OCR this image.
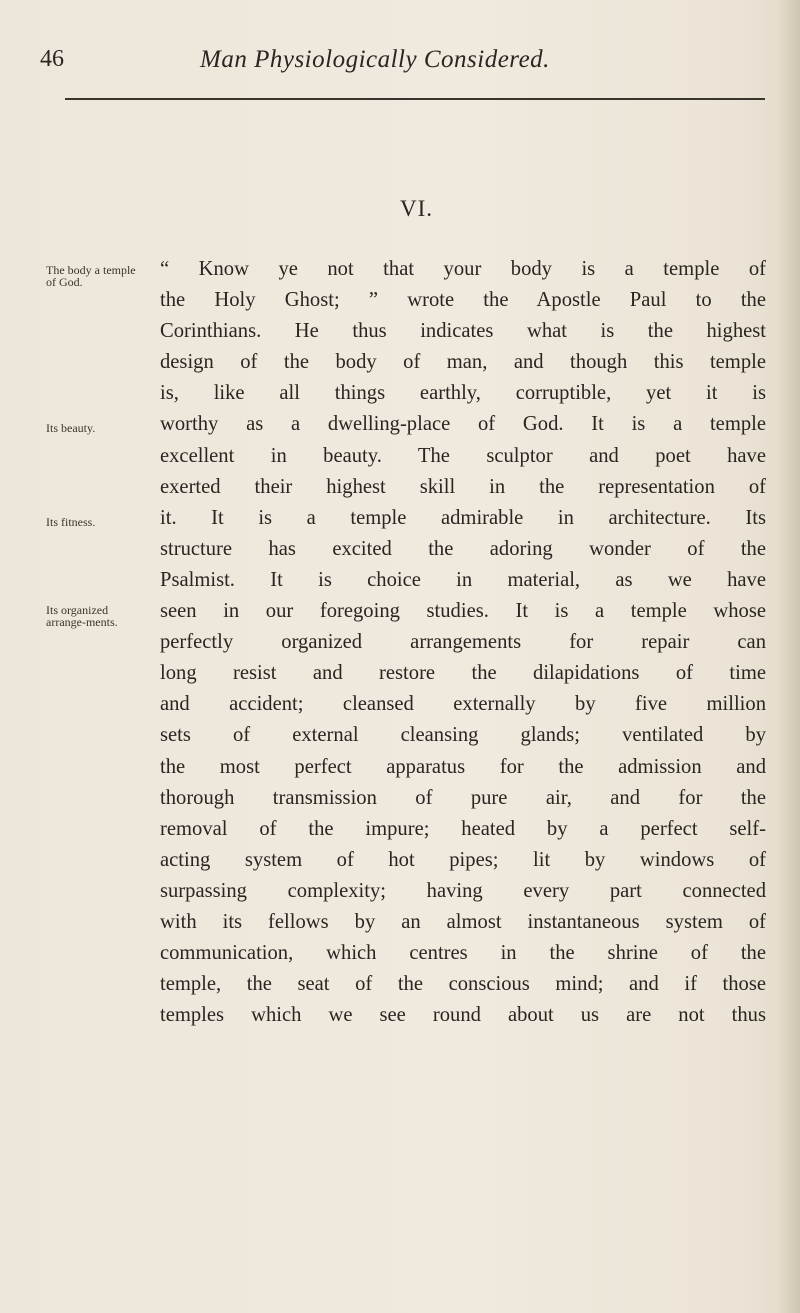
46	Man Physiologically Considered.
VI.
The body a temple of God.
Its beauty.
Its fitness.
Its organized arrange-ments.
“ Know ye not that your body is a temple of
the Holy Ghost; ” wrote the Apostle Paul to the
Corinthians. He thus indicates what is the highest
design of the body of man, and though this temple
is, like all things earthly, corruptible, yet it is
worthy as a dwelling-place of God. It is a temple
excellent in beauty. The sculptor and poet have
exerted their highest skill in the representation of
it. It is a temple admirable in architecture. Its
structure has excited the adoring wonder of the
Psalmist. It is choice in material, as we have
seen in our foregoing studies. It is a temple whose
perfectly organized arrangements for repair can
long resist and restore the dilapidations of time
and accident; cleansed externally by five million
sets of external cleansing glands; ventilated by
the most perfect apparatus for the admission and
thorough transmission of pure air, and for the
removal of the impure; heated by a perfect self-
acting system of hot pipes; lit by windows of
surpassing complexity; having every part connected
with its fellows by an almost instantaneous system of
communication, which centres in the shrine of the
temple, the seat of the conscious mind; and if those
temples which we see round about us are not thus
